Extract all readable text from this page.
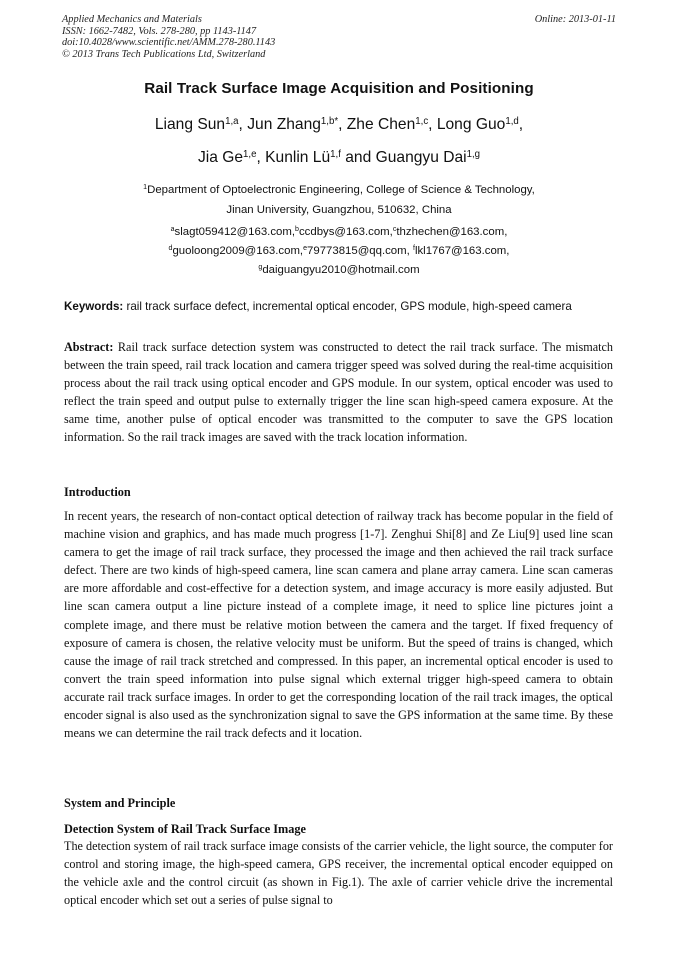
Applied Mechanics and Materials
ISSN: 1662-7482, Vols. 278-280, pp 1143-1147
doi:10.4028/www.scientific.net/AMM.278-280.1143
© 2013 Trans Tech Publications Ltd, Switzerland
Online: 2013-01-11
Rail Track Surface Image Acquisition and Positioning
Liang Sun$^{1,a}$, Jun Zhang$^{1,b*}$, Zhe Chen$^{1,c}$, Long Guo$^{1,d}$,
Jia Ge$^{1,e}$, Kunlin Lü$^{1,f}$ and Guangyu Dai$^{1,g}$
$^1$Department of Optoelectronic Engineering, College of Science & Technology,
Jinan University, Guangzhou, 510632, China
$^a$slagt059412@163.com,$^b$ccdbys@163.com,$^c$thzhechen@163.com,
$^d$guoloong2009@163.com,$^e$79773815@qq.com, $^f$lkl1767@163.com,
$^g$daiguangyu2010@hotmail.com
Keywords: rail track surface defect, incremental optical encoder, GPS module, high-speed camera
Abstract: Rail track surface detection system was constructed to detect the rail track surface. The mismatch between the train speed, rail track location and camera trigger speed was solved during the real-time acquisition process about the rail track using optical encoder and GPS module. In our system, optical encoder was used to reflect the train speed and output pulse to externally trigger the line scan high-speed camera exposure. At the same time, another pulse of optical encoder was transmitted to the computer to save the GPS location information. So the rail track images are saved with the track location information.
Introduction
In recent years, the research of non-contact optical detection of railway track has become popular in the field of machine vision and graphics, and has made much progress [1-7]. Zenghui Shi[8] and Ze Liu[9] used line scan camera to get the image of rail track surface, they processed the image and then achieved the rail track surface defect. There are two kinds of high-speed camera, line scan camera and plane array camera. Line scan cameras are more affordable and cost-effective for a detection system, and image accuracy is more easily adjusted. But line scan camera output a line picture instead of a complete image, it need to splice line pictures joint a complete image, and there must be relative motion between the camera and the target. If fixed frequency of exposure of camera is chosen, the relative velocity must be uniform. But the speed of trains is changed, which cause the image of rail track stretched and compressed. In this paper, an incremental optical encoder is used to convert the train speed information into pulse signal which external trigger high-speed camera to obtain accurate rail track surface images. In order to get the corresponding location of the rail track images, the optical encoder signal is also used as the synchronization signal to save the GPS information at the same time. By these means we can determine the rail track defects and it location.
System and Principle
Detection System of Rail Track Surface Image
The detection system of rail track surface image consists of the carrier vehicle, the light source, the computer for control and storing image, the high-speed camera, GPS receiver, the incremental optical encoder equipped on the vehicle axle and the control circuit (as shown in Fig.1). The axle of carrier vehicle drive the incremental optical encoder which set out a series of pulse signal to
